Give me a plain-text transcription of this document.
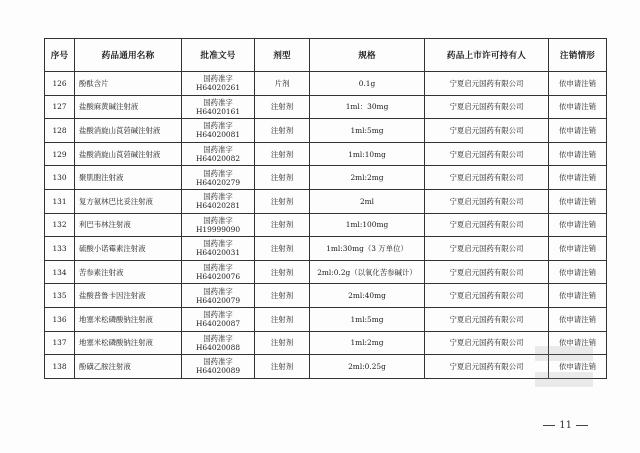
序号	药品通用名称	批准文号	剂型	规格	药品上市许可持有人	注销情形
126	酚酞含片	国药准字
H64020261	片剂	0.1g	宁夏启元国药有限公司	依申请注销
127	盐酸麻黄碱注射液	国药准字
H64020161	注射剂	1ml：30mg	宁夏启元国药有限公司	依申请注销
128	盐酸消旋山莨菪碱注射液	国药准字
H64020081	注射剂	1ml:5mg	宁夏启元国药有限公司	依申请注销
129	盐酸消旋山莨菪碱注射液	国药准字
H64020082	注射剂	1ml:10mg	宁夏启元国药有限公司	依申请注销
130	聚肌胞注射液	国药准字
H64020279	注射剂	2ml:2mg	宁夏启元国药有限公司	依申请注销
131	复方氨林巴比妥注射液	国药准字
H64020281	注射剂	2ml	宁夏启元国药有限公司	依申请注销
132	利巴韦林注射液	国药准字
H19999090	注射剂	1ml:100mg	宁夏启元国药有限公司	依申请注销
133	硫酸小诺霉素注射液	国药准字
H64020031	注射剂	1ml:30mg（3 万单位）	宁夏启元国药有限公司	依申请注销
134	苦参素注射液	国药准字
H64020076	注射剂	2ml:0.2g（以氧化苦参碱计）	宁夏启元国药有限公司	依申请注销
135	盐酸普鲁卡因注射液	国药准字
H64020079	注射剂	2ml:40mg	宁夏启元国药有限公司	依申请注销
136	地塞米松磷酸钠注射液	国药准字
H64020087	注射剂	1ml:5mg	宁夏启元国药有限公司	依申请注销
137	地塞米松磷酸钠注射液	国药准字
H64020088	注射剂	1ml:2mg	宁夏启元国药有限公司	依申请注销
138	酚磺乙胺注射液	国药准字
H64020089	注射剂	2ml:0.25g	宁夏启元国药有限公司	依申请注销
11
